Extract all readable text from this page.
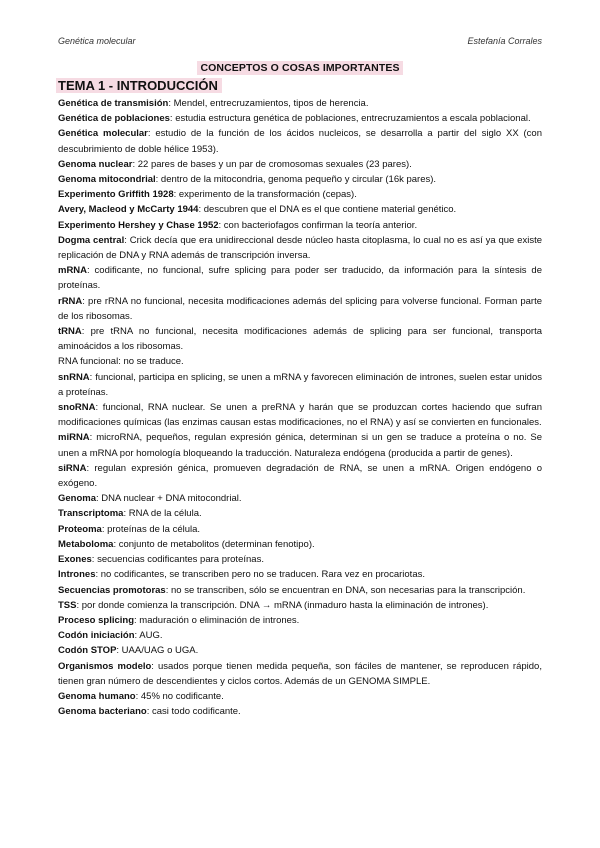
Genética molecular	Estefanía Corrales
CONCEPTOS O COSAS IMPORTANTES
TEMA 1 - INTRODUCCIÓN

Genética de transmisión: Mendel, entrecruzamientos, tipos de herencia.

Genética de poblaciones: estudia estructura genética de poblaciones, entrecruzamientos a escala poblacional.

Genética molecular: estudio de la función de los ácidos nucleicos, se desarrolla a partir del siglo XX (con descubrimiento de doble hélice 1953).

Genoma nuclear: 22 pares de bases y un par de cromosomas sexuales (23 pares).

Genoma mitocondrial: dentro de la mitocondria, genoma pequeño y circular (16k pares).

Experimento Griffith 1928: experimento de la transformación (cepas).

Avery, Macleod y McCarty 1944: descubren que el DNA es el que contiene material genético.

Experimento Hershey y Chase 1952: con bacteriofagos confirman la teoría anterior.

Dogma central: Crick decía que era unidireccional desde núcleo hasta citoplasma, lo cual no es así ya que existe replicación de DNA y RNA además de transcripción inversa.

mRNA: codificante, no funcional, sufre splicing para poder ser traducido, da información para la síntesis de proteínas.

rRNA: pre rRNA no funcional, necesita modificaciones además del splicing para volverse funcional. Forman parte de los ribosomas.

tRNA: pre tRNA no funcional, necesita modificaciones además de splicing para ser funcional, transporta aminoácidos a los ribosomas.

RNA funcional: no se traduce.

snRNA: funcional, participa en splicing, se unen a mRNA y favorecen eliminación de intrones, suelen estar unidos a proteínas.

snoRNA: funcional, RNA nuclear. Se unen a preRNA y harán que se produzcan cortes haciendo que sufran modificaciones químicas (las enzimas causan estas modificaciones, no el RNA) y así se convierten en funcionales.

miRNA: microRNA, pequeños, regulan expresión génica, determinan si un gen se traduce a proteína o no. Se unen a mRNA por homología bloqueando la traducción. Naturaleza endógena (producida a partir de genes).

siRNA: regulan expresión génica, promueven degradación de RNA, se unen a mRNA. Origen endógeno o exógeno.

Genoma: DNA nuclear + DNA mitocondrial.

Transcriptoma: RNA de la célula.

Proteoma: proteínas de la célula.

Metaboloma: conjunto de metabolitos (determinan fenotipo).

Exones: secuencias codificantes para proteínas.

Intrones: no codificantes, se transcriben pero no se traducen. Rara vez en procariotas.

Secuencias promotoras: no se transcriben, sólo se encuentran en DNA, son necesarias para la transcripción.

TSS: por donde comienza la transcripción. DNA → mRNA (inmaduro hasta la eliminación de intrones).

Proceso splicing: maduración o eliminación de intrones.

Codón iniciación: AUG.

Codón STOP: UAA/UAG o UGA.

Organismos modelo: usados porque tienen medida pequeña, son fáciles de mantener, se reproducen rápido, tienen gran número de descendientes y ciclos cortos. Además de un GENOMA SIMPLE.

Genoma humano: 45% no codificante.

Genoma bacteriano: casi todo codificante.
